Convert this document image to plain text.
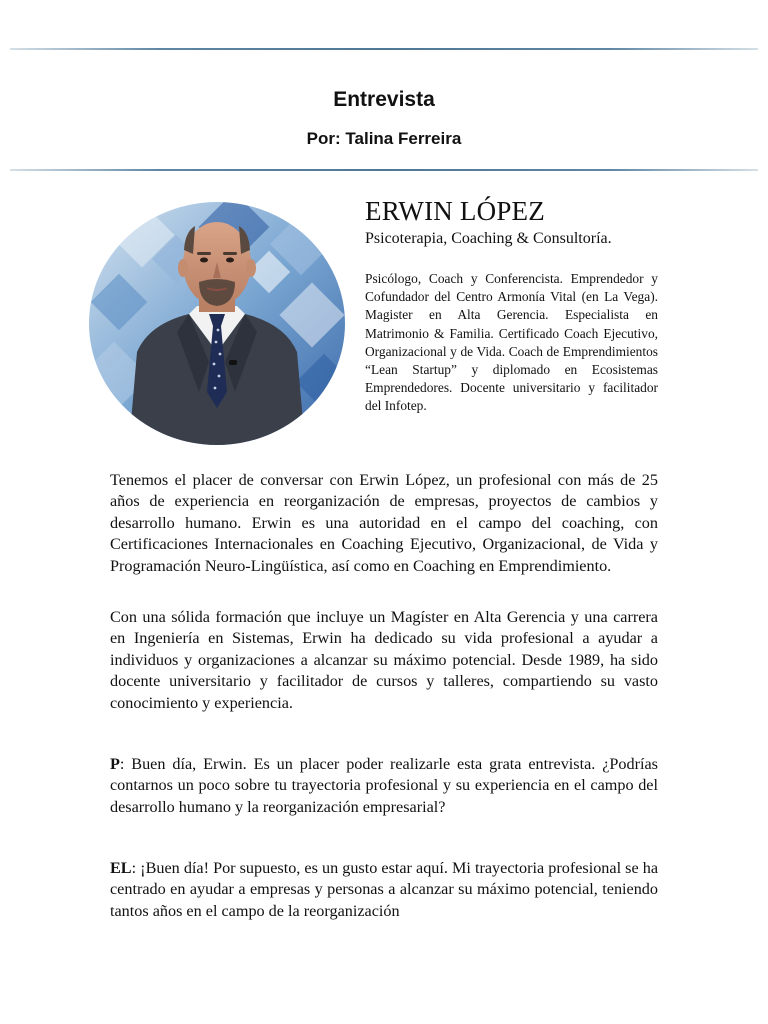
Entrevista
Por: Talina Ferreira
ERWIN LÓPEZ
Psicoterapia, Coaching & Consultoría.
Psicólogo, Coach y Conferencista. Emprendedor y Cofundador del Centro Armonía Vital (en La Vega). Magister en Alta Gerencia. Especialista en Matrimonio & Familia. Certificado Coach Ejecutivo, Organizacional y de Vida. Coach de Emprendimientos “Lean Startup” y diplomado en Ecosistemas Emprendedores. Docente universitario y facilitador del Infotep.

Tenemos el placer de conversar con Erwin López, un profesional con más de 25 años de experiencia en reorganización de empresas, proyectos de cambios y desarrollo humano. Erwin es una autoridad en el campo del coaching, con Certificaciones Internacionales en Coaching Ejecutivo, Organizacional, de Vida y Programación Neuro-Lingüística, así como en Coaching en Emprendimiento.

Con una sólida formación que incluye un Magíster en Alta Gerencia y una carrera en Ingeniería en Sistemas, Erwin ha dedicado su vida profesional a ayudar a individuos y organizaciones a alcanzar su máximo potencial. Desde 1989, ha sido docente universitario y facilitador de cursos y talleres, compartiendo su vasto conocimiento y experiencia.

P: Buen día, Erwin. Es un placer poder realizarle esta grata entrevista. ¿Podrías contarnos un poco sobre tu trayectoria profesional y su experiencia en el campo del desarrollo humano y la reorganización empresarial?

EL: ¡Buen día! Por supuesto, es un gusto estar aquí. Mi trayectoria profesional se ha centrado en ayudar a empresas y personas a alcanzar su máximo potencial, teniendo tantos años en el campo de la reorganización
